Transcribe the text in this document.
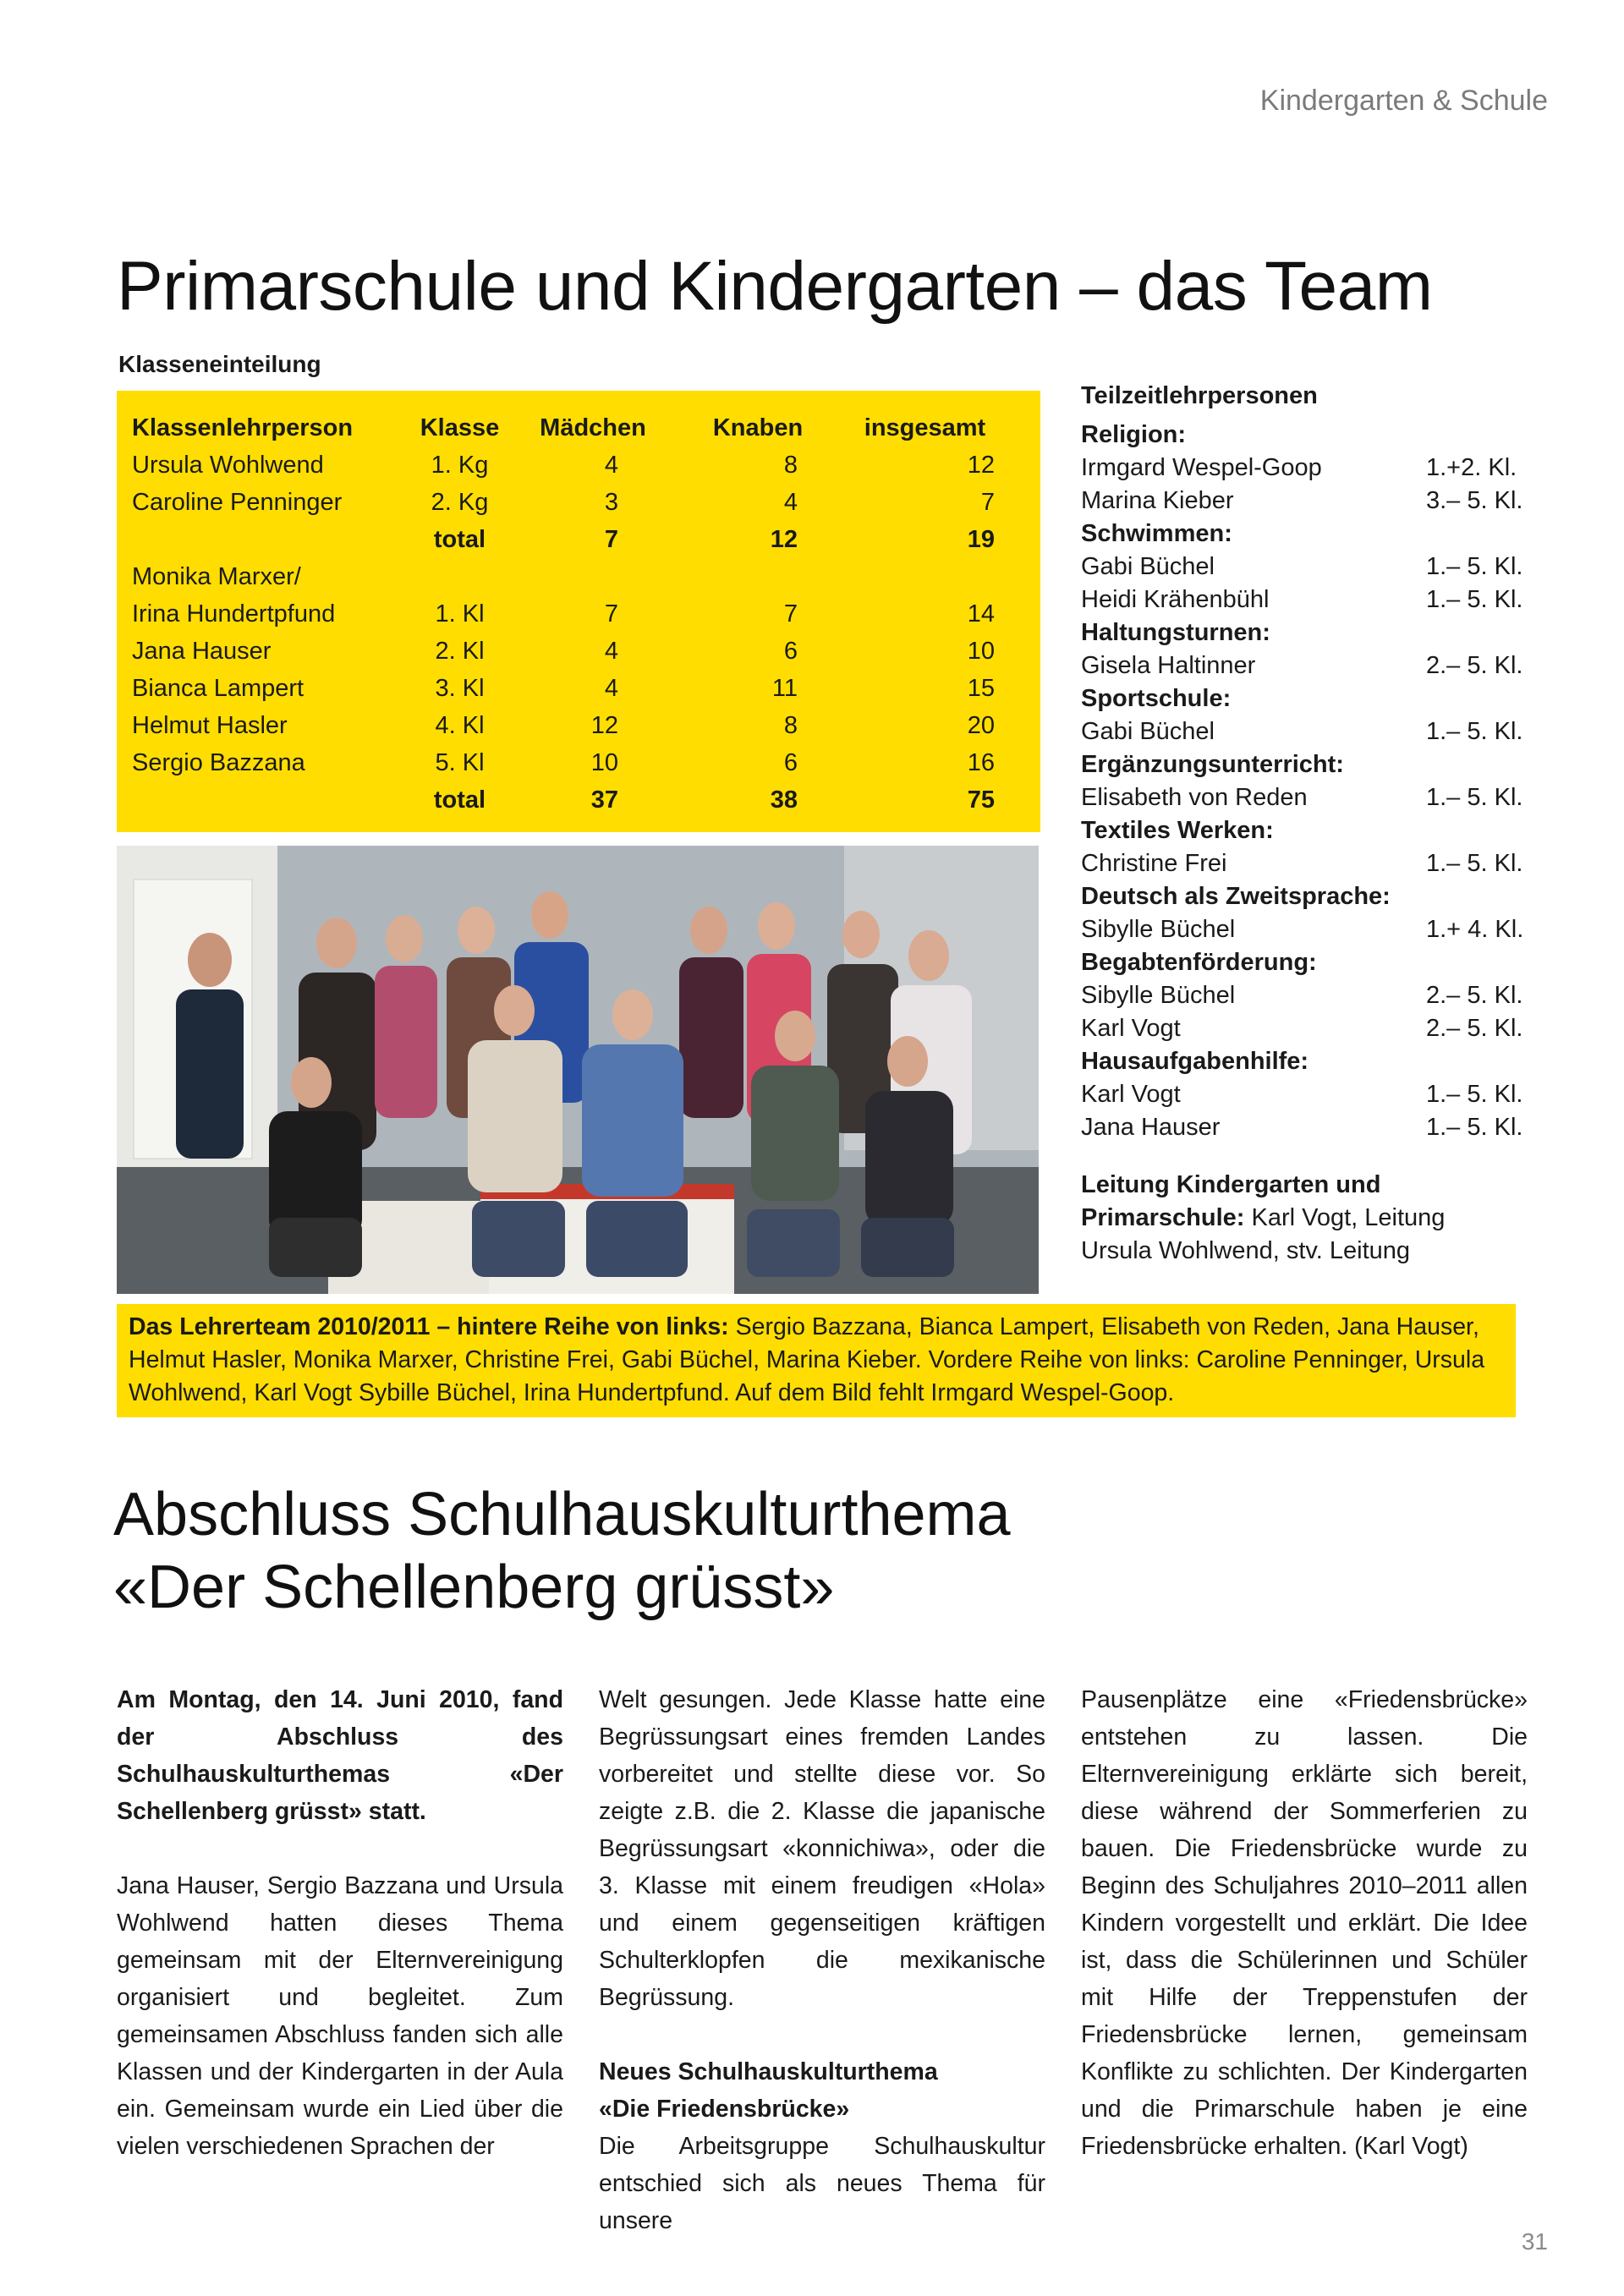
Kindergarten & Schule
Primarschule und Kindergarten – das Team
Klasseneinteilung
Klassenlehrperson	Klasse	Mädchen	Knaben	insgesamt
Ursula Wohlwend	1. Kg	4	8	12
Caroline Penninger	2. Kg	3	4	7
	total	7	12	19
Monika Marxer/				
Irina Hundertpfund	1. Kl	7	7	14
Jana Hauser	2. Kl	4	6	10
Bianca Lampert	3. Kl	4	11	15
Helmut Hasler	4. Kl	12	8	20
Sergio Bazzana	5. Kl	10	6	16
	total	37	38	75
Teilzeitlehrpersonen
Religion:
Irmgard Wespel-Goop	1.+2. Kl.
Marina Kieber	3.– 5. Kl.
Schwimmen:
Gabi Büchel	1.– 5. Kl.
Heidi Krähenbühl	1.– 5. Kl.
Haltungsturnen:
Gisela Haltinner	2.– 5. Kl.
Sportschule:
Gabi Büchel	1.– 5. Kl.
Ergänzungsunterricht:
Elisabeth von Reden	1.– 5. Kl.
Textiles Werken:
Christine Frei	1.– 5. Kl.
Deutsch als Zweitsprache:
Sibylle Büchel	1.+ 4. Kl.
Begabtenförderung:
Sibylle Büchel	2.– 5. Kl.
Karl Vogt	2.– 5. Kl.
Hausaufgabenhilfe:
Karl Vogt	1.– 5. Kl.
Jana Hauser	1.– 5. Kl.
Leitung Kindergarten und
Primarschule: Karl Vogt, Leitung
Ursula Wohlwend, stv. Leitung
Das Lehrerteam 2010/2011 – hintere Reihe von links: Sergio Bazzana, Bianca Lampert, Elisabeth von Reden, Jana Hauser, Helmut Hasler, Monika Marxer, Christine Frei, Gabi Büchel, Marina Kieber. Vordere Reihe von links: Caroline Penninger, Ursula Wohlwend, Karl Vogt Sybille Büchel, Irina Hundertpfund. Auf dem Bild fehlt Irmgard Wespel-Goop.
Abschluss Schulhauskulturthema
«Der Schellenberg grüsst»

Am Montag, den 14. Juni 2010, fand der Abschluss des Schulhauskulturthemas «Der Schellenberg grüsst» statt.

Jana Hauser, Sergio Bazzana und Ursula Wohlwend hatten dieses Thema gemeinsam mit der Elternvereinigung organisiert und begleitet. Zum gemeinsamen Abschluss fanden sich alle Klassen und der Kindergarten in der Aula ein. Gemeinsam wurde ein Lied über die vielen verschiedenen Sprachen der

Welt gesungen. Jede Klasse hatte eine Begrüssungsart eines fremden Landes vorbereitet und stellte diese vor. So zeigte z.B. die 2. Klasse die japanische Begrüssungsart «konnichiwa», oder die 3. Klasse mit einem freudigen «Hola» und einem gegenseitigen kräftigen Schulterklopfen die mexikanische Begrüssung.

Neues Schulhauskulturthema
«Die Friedensbrücke»
Die Arbeitsgruppe Schulhauskultur entschied sich als neues Thema für unsere

Pausenplätze eine «Friedensbrücke» entstehen zu lassen. Die Elternvereinigung erklärte sich bereit, diese während der Sommerferien zu bauen. Die Friedensbrücke wurde zu Beginn des Schuljahres 2010–2011 allen Kindern vorgestellt und erklärt. Die Idee ist, dass die Schülerinnen und Schüler mit Hilfe der Treppenstufen der Friedensbrücke lernen, gemeinsam Konflikte zu schlichten. Der Kindergarten und die Primarschule haben je eine Friedensbrücke erhalten. (Karl Vogt)

31
